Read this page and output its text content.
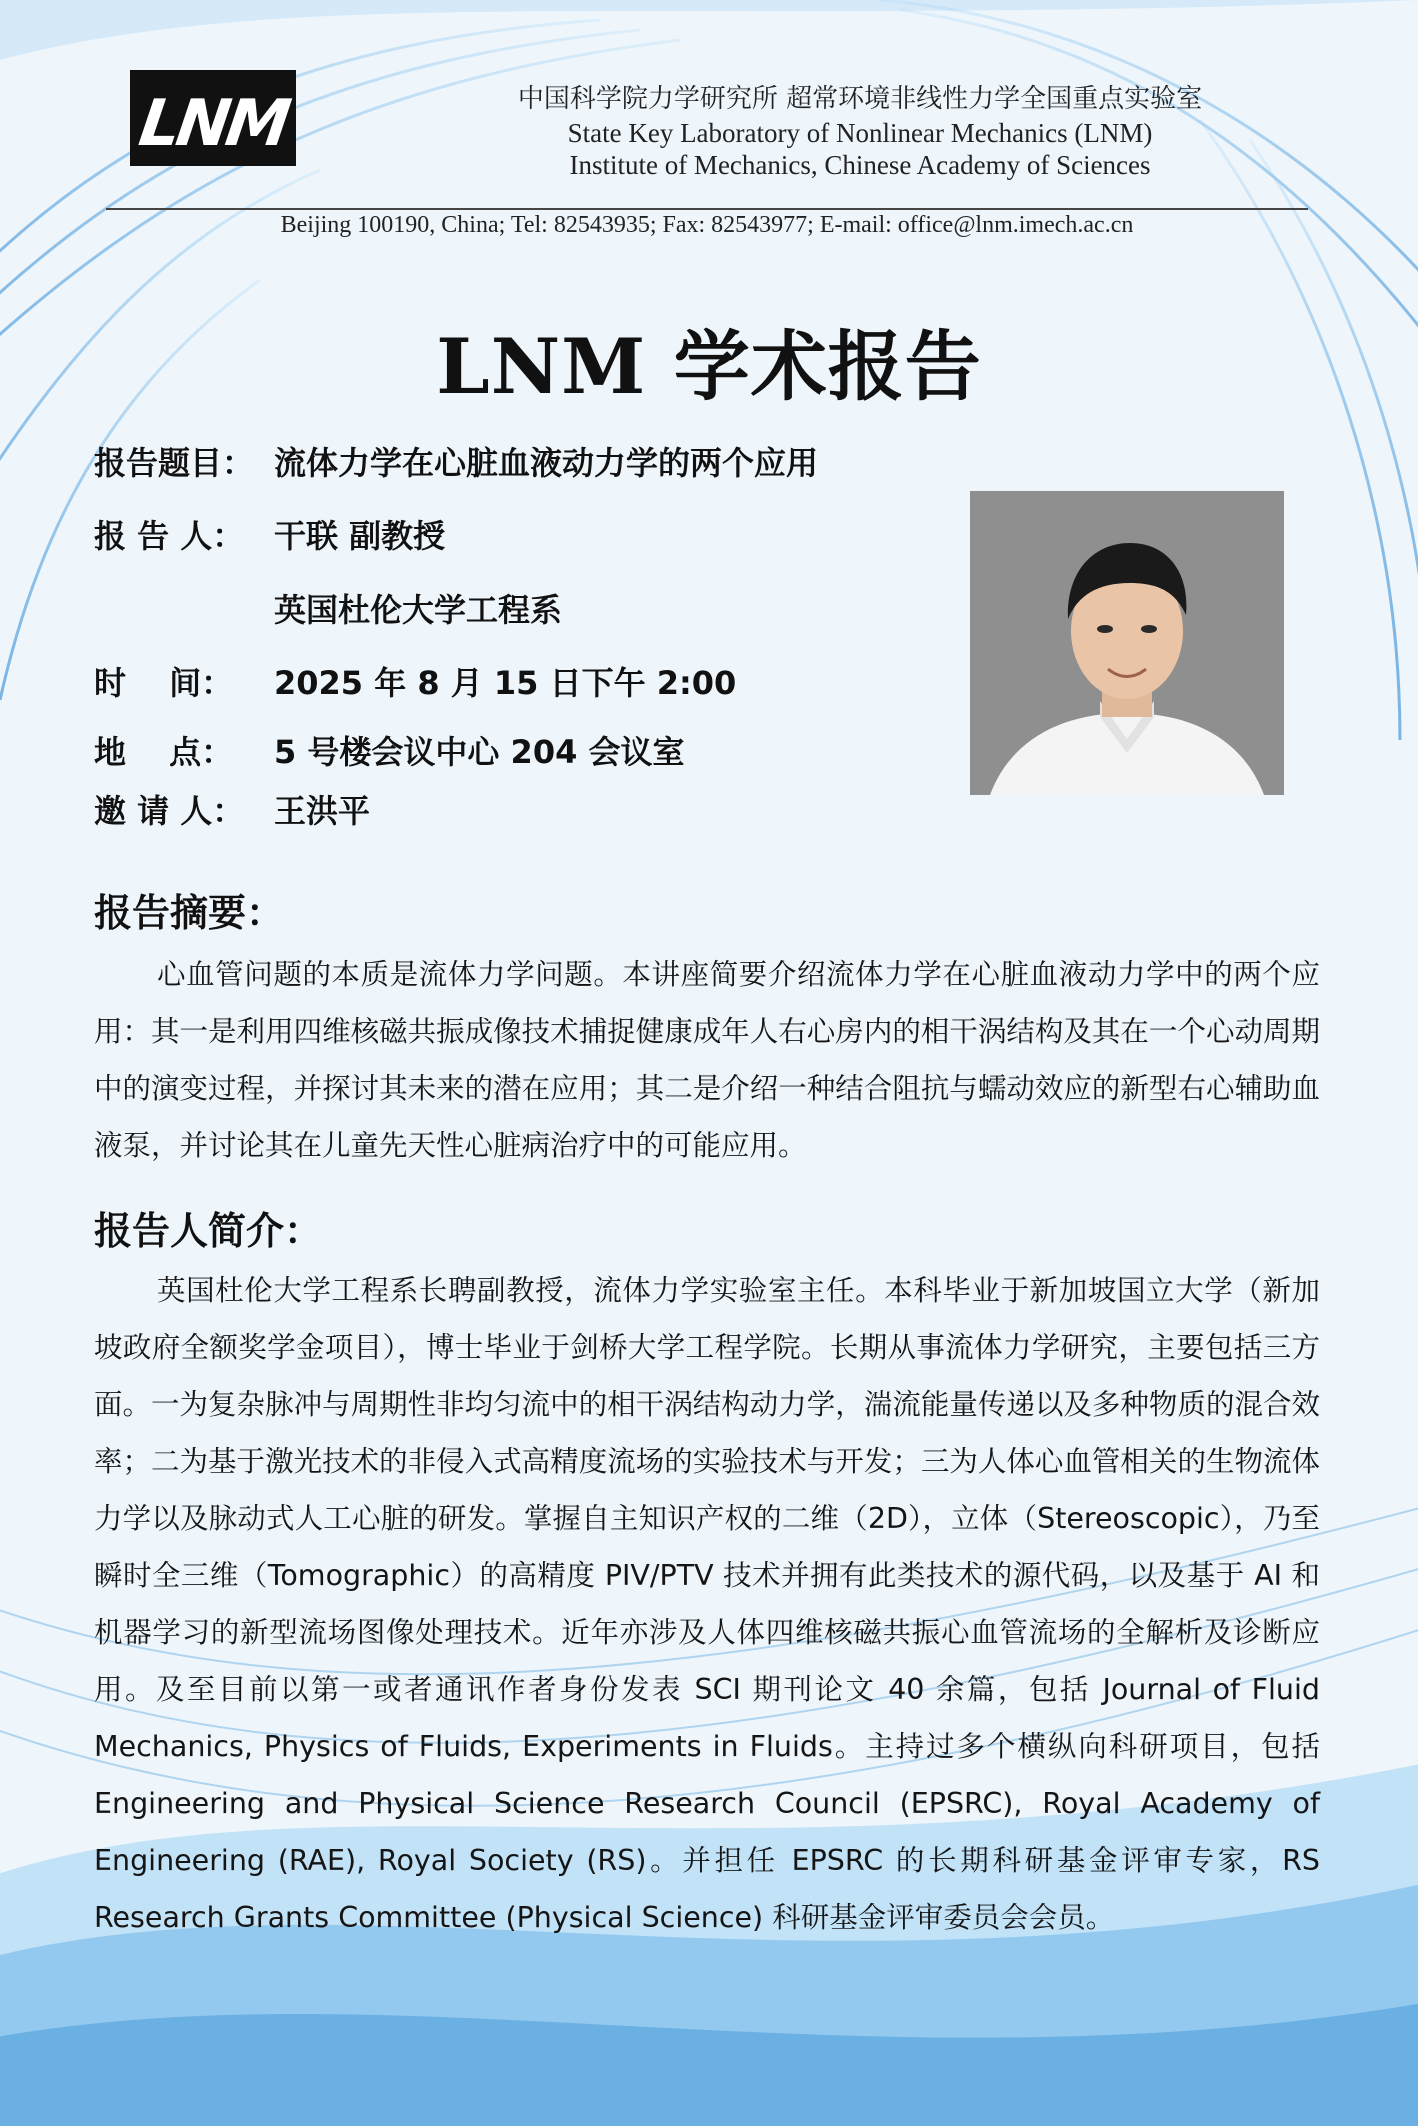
LNM	中国科学院力学研究所 超常环境非线性力学全国重点实验室
State Key Laboratory of Nonlinear Mechanics (LNM)
Institute of Mechanics, Chinese Academy of Sciences
Beijing 100190, China; Tel: 82543935; Fax: 82543977; E-mail: office@lnm.imech.ac.cn
LNM 学术报告
报告题目： 流体力学在心脏血液动力学的两个应用
报 告 人： 干联 副教授
英国杜伦大学工程系
时　 间： 2025 年 8 月 15 日下午 2:00
地　 点： 5 号楼会议中心 204 会议室
邀 请 人： 王洪平
报告摘要：
心血管问题的本质是流体力学问题。本讲座简要介绍流体力学在心脏血液动力学中的两个应用：其一是利用四维核磁共振成像技术捕捉健康成年人右心房内的相干涡结构及其在一个心动周期中的演变过程，并探讨其未来的潜在应用；其二是介绍一种结合阻抗与蠕动效应的新型右心辅助血液泵，并讨论其在儿童先天性心脏病治疗中的可能应用。
报告人简介：
英国杜伦大学工程系长聘副教授，流体力学实验室主任。本科毕业于新加坡国立大学（新加坡政府全额奖学金项目），博士毕业于剑桥大学工程学院。长期从事流体力学研究，主要包括三方面。一为复杂脉冲与周期性非均匀流中的相干涡结构动力学，湍流能量传递以及多种物质的混合效率；二为基于激光技术的非侵入式高精度流场的实验技术与开发；三为人体心血管相关的生物流体力学以及脉动式人工心脏的研发。掌握自主知识产权的二维（2D），立体（Stereoscopic），乃至瞬时全三维（Tomographic）的高精度 PIV/PTV 技术并拥有此类技术的源代码，以及基于 AI 和机器学习的新型流场图像处理技术。近年亦涉及人体四维核磁共振心血管流场的全解析及诊断应用。及至目前以第一或者通讯作者身份发表 SCI 期刊论文 40 余篇，包括 Journal of Fluid Mechanics, Physics of Fluids, Experiments in Fluids。主持过多个横纵向科研项目，包括 Engineering and Physical Science Research Council (EPSRC), Royal Academy of Engineering (RAE), Royal Society (RS)。并担任 EPSRC 的长期科研基金评审专家，RS Research Grants Committee (Physical Science) 科研基金评审委员会会员。
